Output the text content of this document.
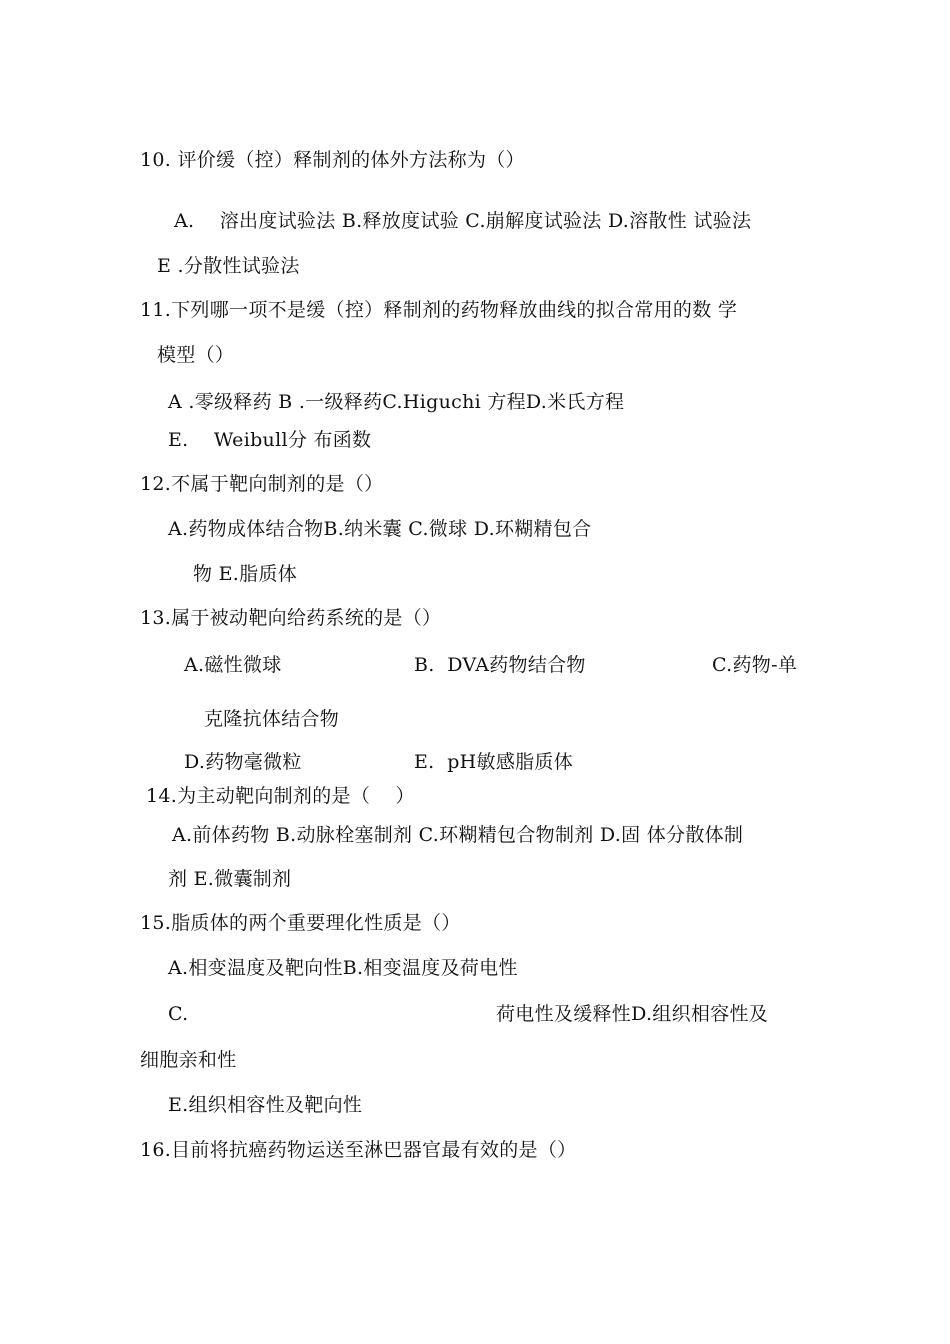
10. 评价缓（控）释制剂的体外方法称为（）
A.    溶出度试验法 B.释放度试验 C.崩解度试验法 D.溶散性 试验法
E .分散性试验法
11.下列哪一项不是缓（控）释制剂的药物释放曲线的拟合常用的数 学
模型（）
A .零级释药 B .一级释药C.Higuchi 方程D.米氏方程
E.    Weibull分 布函数
12.不属于靶向制剂的是（）
A.药物成体结合物B.纳米囊 C.微球 D.环糊精包合
物 E.脂质体
13.属于被动靶向给药系统的是（）
A.磁性微球	B.  DVA药物结合物	C.药物-单
克隆抗体结合物
D.药物毫微粒	E.  pH敏感脂质体
14.为主动靶向制剂的是（    ）
A.前体药物 B.动脉栓塞制剂 C.环糊精包合物制剂 D.固 体分散体制
剂 E.微囊制剂
15.脂质体的两个重要理化性质是（）
A.相变温度及靶向性B.相变温度及荷电性
C.	荷电性及缓释性D.组织相容性及
细胞亲和性
E.组织相容性及靶向性
16.目前将抗癌药物运送至淋巴器官最有效的是（）
